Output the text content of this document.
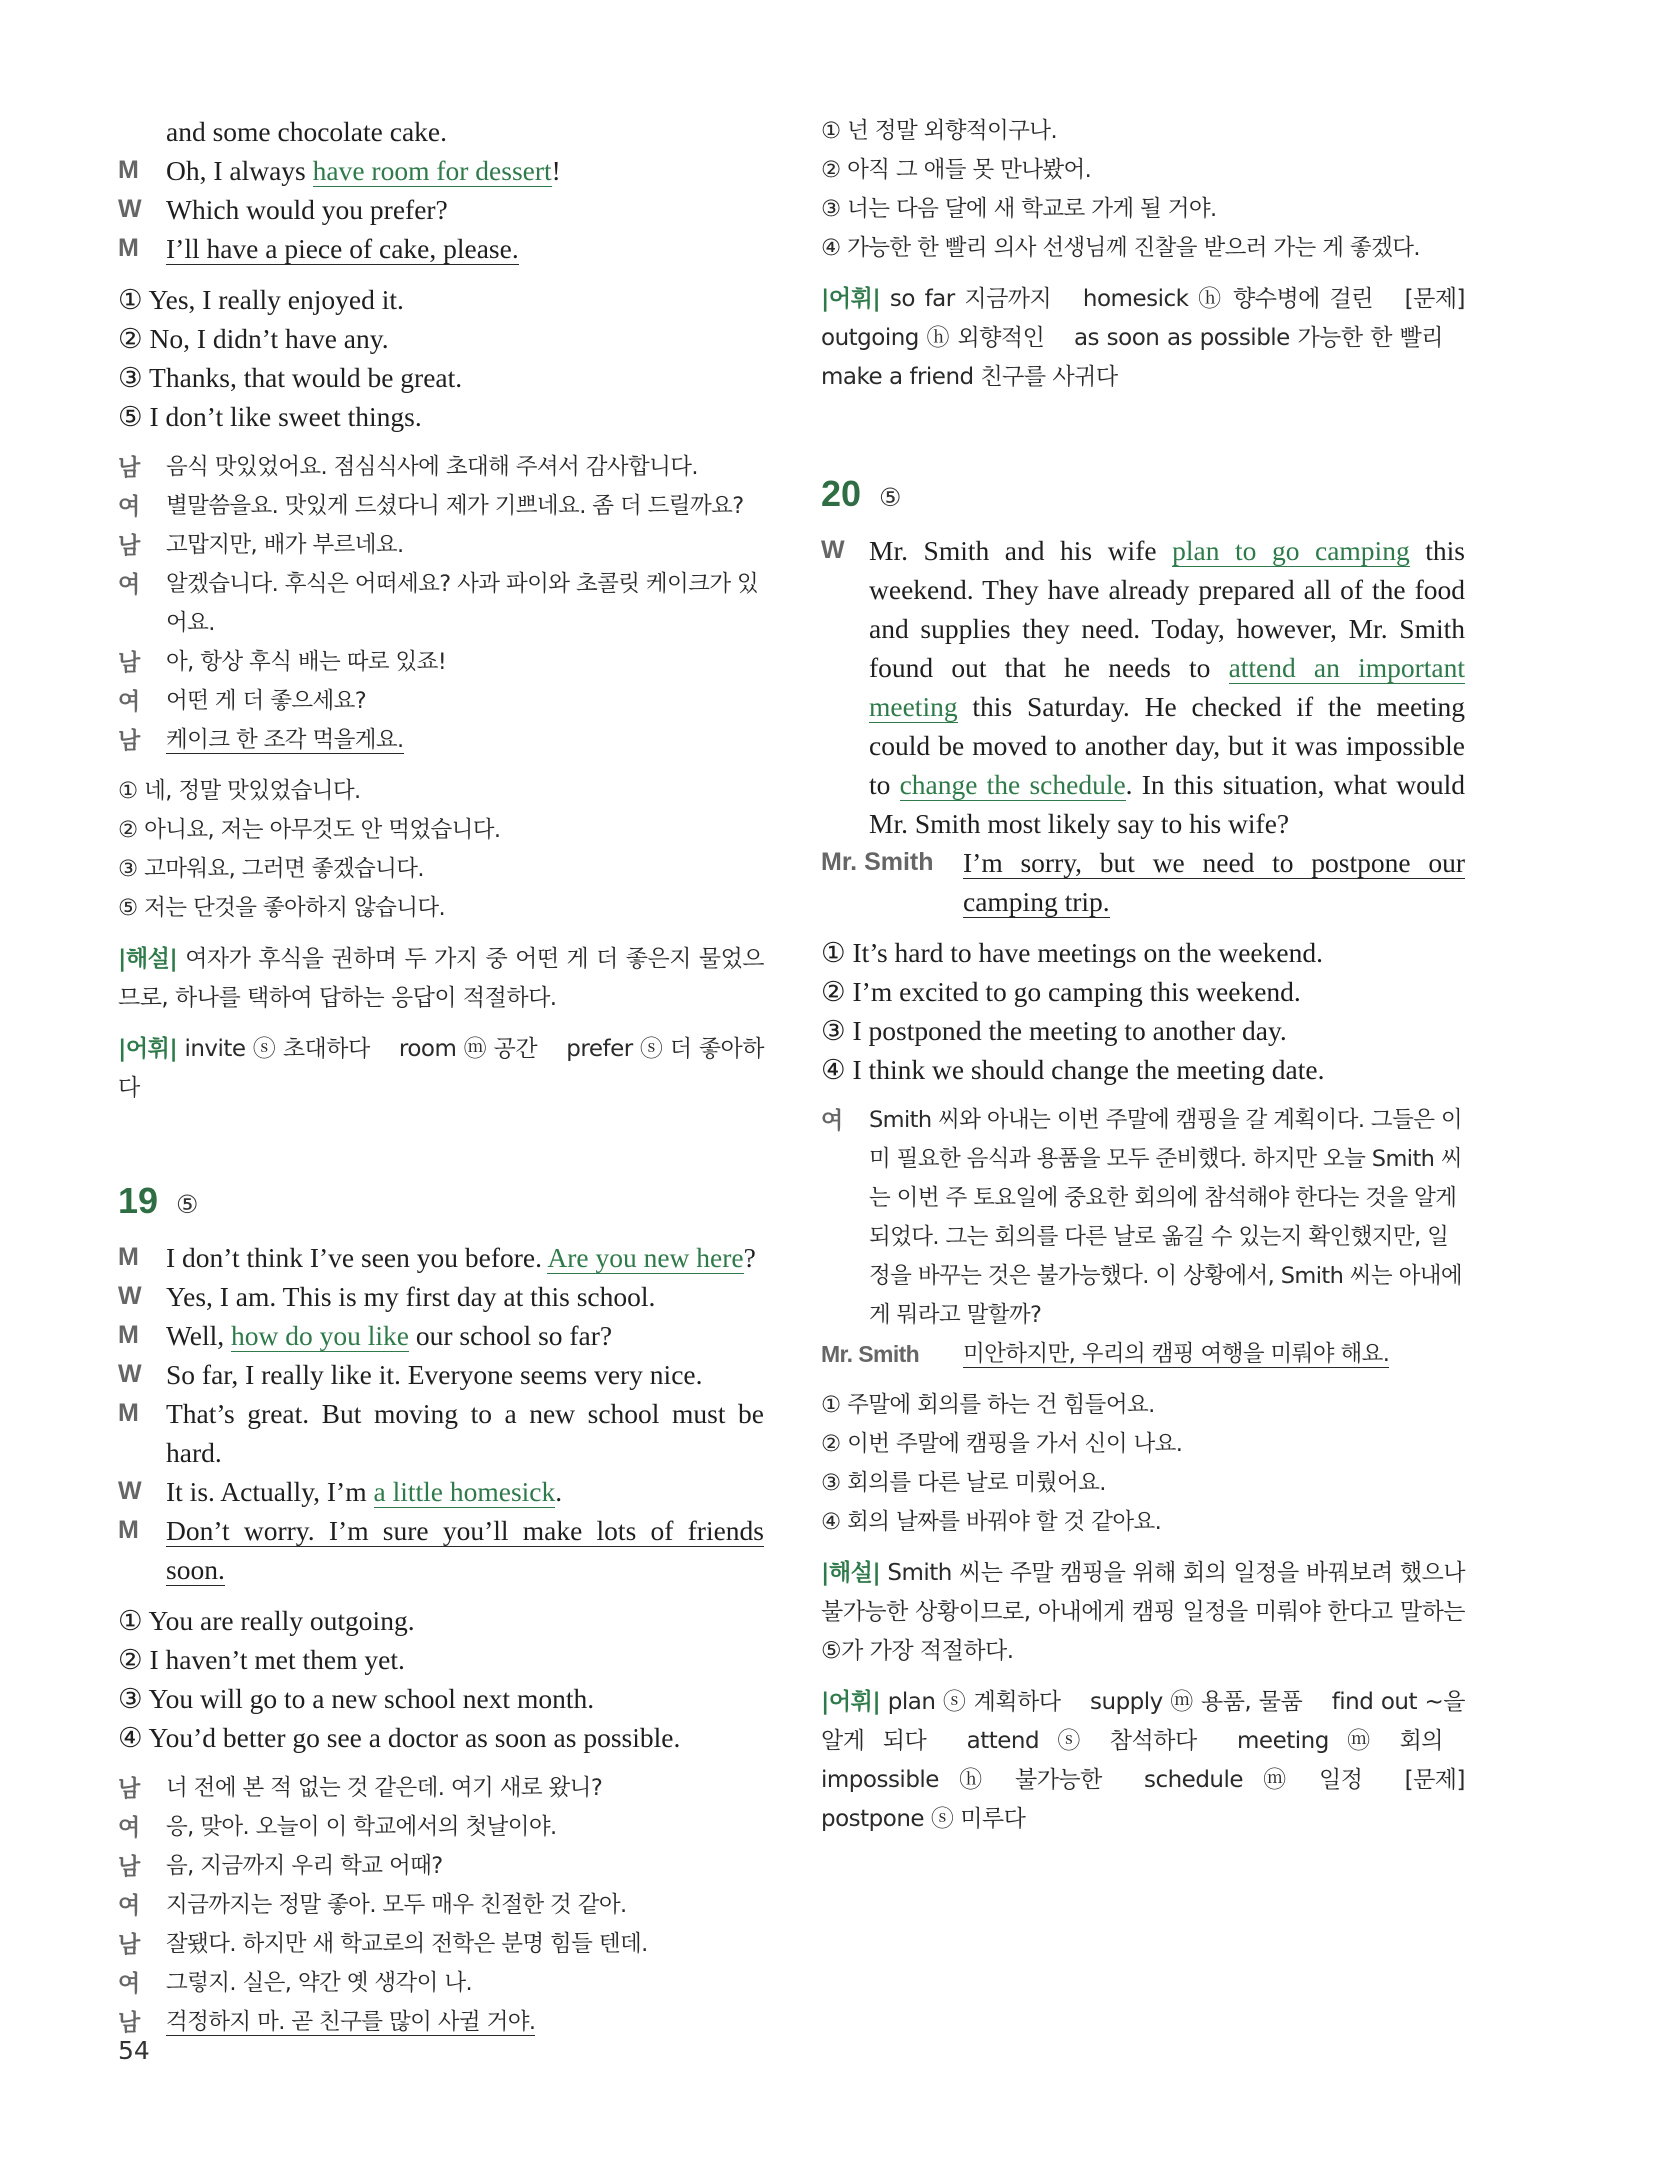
and some chocolate cake.
M Oh, I always have room for dessert!
W Which would you prefer?
M I’ll have a piece of cake, please.
① Yes, I really enjoyed it.
② No, I didn’t have any.
③ Thanks, that would be great.
⑤ I don’t like sweet things.
남 음식 맛있었어요. 점심식사에 초대해 주셔서 감사합니다.
여 별말씀을요. 맛있게 드셨다니 제가 기쁘네요. 좀 더 드릴까요?
남 고맙지만, 배가 부르네요.
여 알겠습니다. 후식은 어떠세요? 사과 파이와 초콜릿 케이크가 있어요.
남 아, 항상 후식 배는 따로 있죠!
여 어떤 게 더 좋으세요?
남 케이크 한 조각 먹을게요.
① 네, 정말 맛있었습니다.
② 아니요, 저는 아무것도 안 먹었습니다.
③ 고마워요, 그러면 좋겠습니다.
⑤ 저는 단것을 좋아하지 않습니다.
|해설| 여자가 후식을 권하며 두 가지 중 어떤 게 더 좋은지 물었으므로, 하나를 택하여 답하는 응답이 적절하다.
|어휘| invite ⓢ 초대하다 room ⓜ 공간 prefer ⓢ 더 좋아하다
19 ⑤
M I don’t think I’ve seen you before. Are you new here?
W Yes, I am. This is my first day at this school.
M Well, how do you like our school so far?
W So far, I really like it. Everyone seems very nice.
M That’s great. But moving to a new school must be hard.
W It is. Actually, I’m a little homesick.
M Don’t worry. I’m sure you’ll make lots of friends soon.
① You are really outgoing.
② I haven’t met them yet.
③ You will go to a new school next month.
④ You’d better go see a doctor as soon as possible.
남 너 전에 본 적 없는 것 같은데. 여기 새로 왔니?
여 응, 맞아. 오늘이 이 학교에서의 첫날이야.
남 음, 지금까지 우리 학교 어때?
여 지금까지는 정말 좋아. 모두 매우 친절한 것 같아.
남 잘됐다. 하지만 새 학교로의 전학은 분명 힘들 텐데.
여 그렇지. 실은, 약간 옛 생각이 나.
남 걱정하지 마. 곧 친구를 많이 사귈 거야.
① 넌 정말 외향적이구나.
② 아직 그 애들 못 만나봤어.
③ 너는 다음 달에 새 학교로 가게 될 거야.
④ 가능한 한 빨리 의사 선생님께 진찰을 받으러 가는 게 좋겠다.
|어휘| so far 지금까지 homesick ⓗ 향수병에 걸린 [문제] outgoing ⓗ 외향적인 as soon as possible 가능한 한 빨리 make a friend 친구를 사귀다
20 ⑤
W Mr. Smith and his wife plan to go camping this weekend. They have already prepared all of the food and supplies they need. Today, however, Mr. Smith found out that he needs to attend an important meeting this Saturday. He checked if the meeting could be moved to another day, but it was impossible to change the schedule. In this situation, what would Mr. Smith most likely say to his wife?
Mr. Smith I’m sorry, but we need to postpone our camping trip.
① It’s hard to have meetings on the weekend.
② I’m excited to go camping this weekend.
③ I postponed the meeting to another day.
④ I think we should change the meeting date.
여 Smith 씨와 아내는 이번 주말에 캠핑을 갈 계획이다. 그들은 이미 필요한 음식과 용품을 모두 준비했다. 하지만 오늘 Smith 씨는 이번 주 토요일에 중요한 회의에 참석해야 한다는 것을 알게 되었다. 그는 회의를 다른 날로 옮길 수 있는지 확인했지만, 일정을 바꾸는 것은 불가능했다. 이 상황에서, Smith 씨는 아내에게 뭐라고 말할까?
Mr. Smith 미안하지만, 우리의 캠핑 여행을 미뤄야 해요.
① 주말에 회의를 하는 건 힘들어요.
② 이번 주말에 캠핑을 가서 신이 나요.
③ 회의를 다른 날로 미뤘어요.
④ 회의 날짜를 바꿔야 할 것 같아요.
|해설| Smith 씨는 주말 캠핑을 위해 회의 일정을 바꿔보려 했으나 불가능한 상황이므로, 아내에게 캠핑 일정을 미뤄야 한다고 말하는 ⑤가 가장 적절하다.
|어휘| plan ⓢ 계획하다 supply ⓜ 용품, 물품 find out ~을 알게 되다 attend ⓢ 참석하다 meeting ⓜ 회의 impossible ⓗ 불가능한 schedule ⓜ 일정 [문제] postpone ⓢ 미루다
54
